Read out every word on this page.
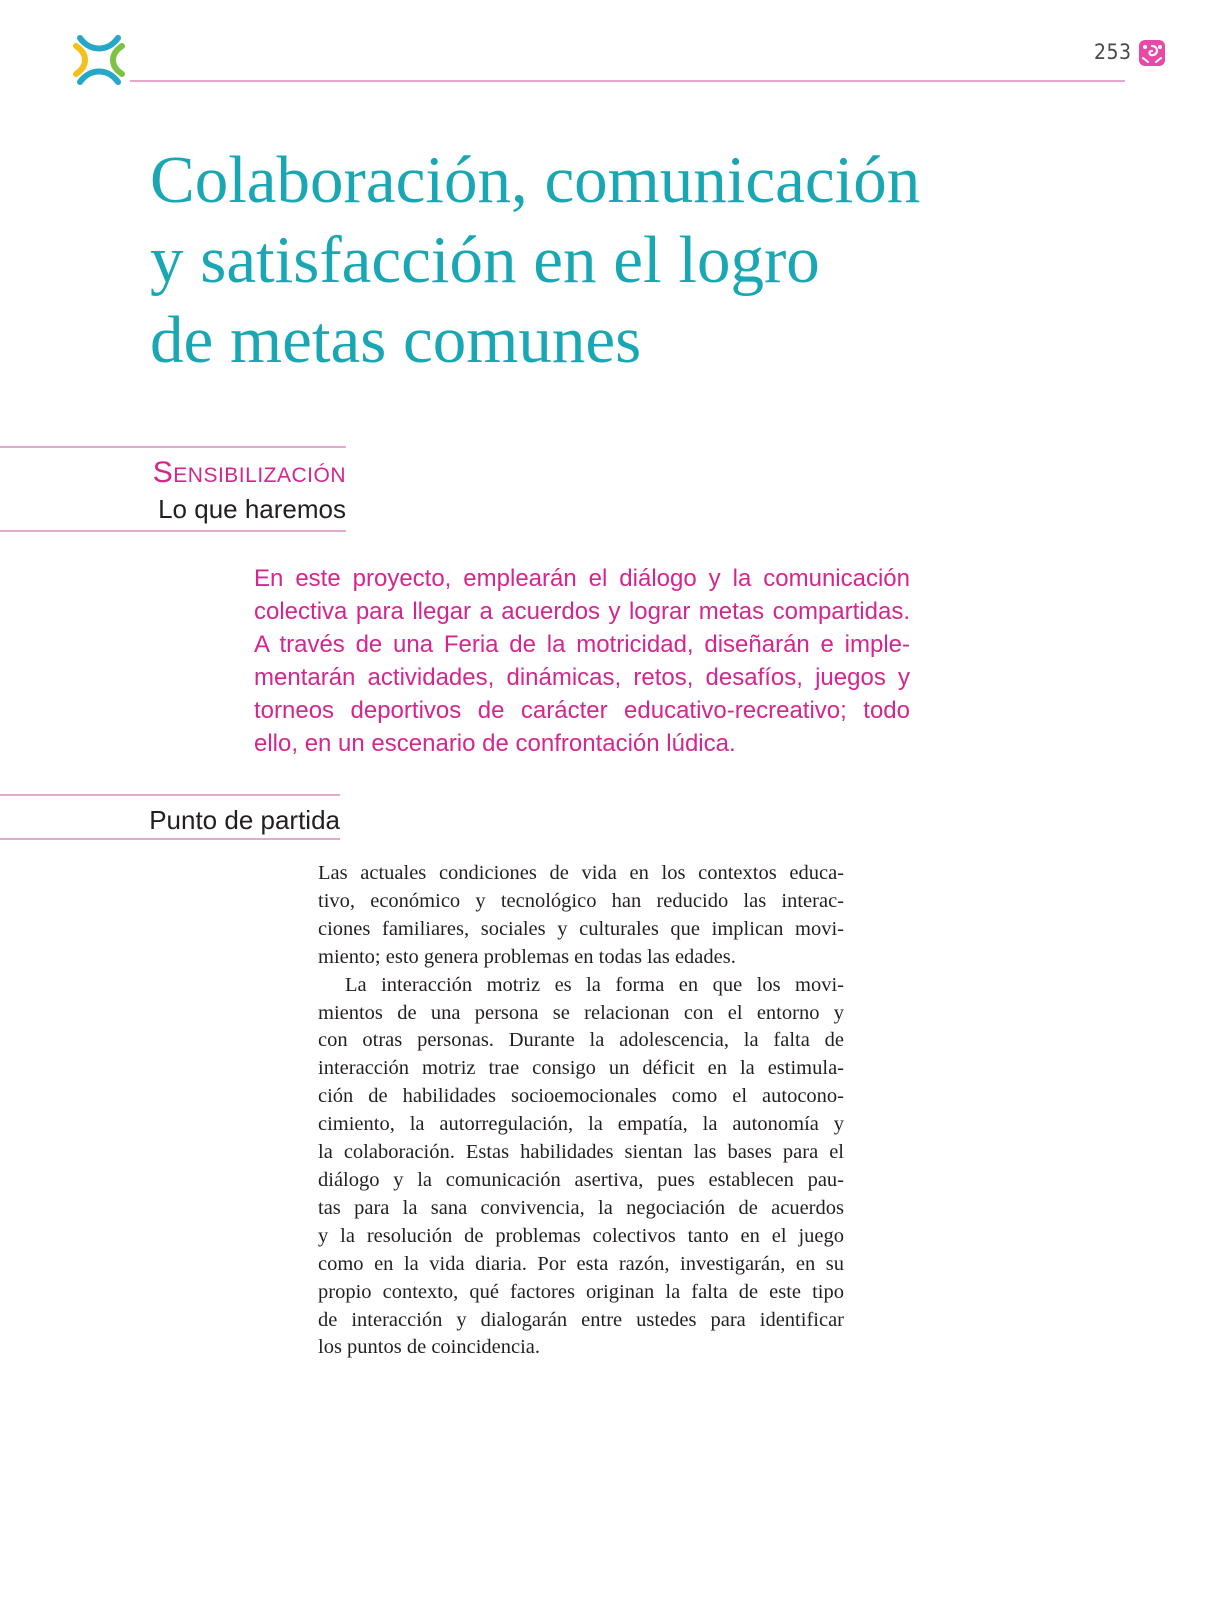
253
Colaboración, comunicación
y satisfacción en el logro
de metas comunes
Sensibilización
Lo que haremos
En este proyecto, emplearán el diálogo y la comunicación
colectiva para llegar a acuerdos y lograr metas compartidas.
A través de una Feria de la motricidad, diseñarán e imple-
mentarán actividades, dinámicas, retos, desafíos, juegos y
torneos deportivos de carácter educativo-recreativo; todo
ello, en un escenario de confrontación lúdica.
Punto de partida
Las actuales condiciones de vida en los contextos educa-
tivo, económico y tecnológico han reducido las interac-
ciones familiares, sociales y culturales que implican movi-
miento; esto genera problemas en todas las edades.
La interacción motriz es la forma en que los movi-
mientos de una persona se relacionan con el entorno y
con otras personas. Durante la adolescencia, la falta de
interacción motriz trae consigo un déficit en la estimula-
ción de habilidades socioemocionales como el autocono-
cimiento, la autorregulación, la empatía, la autonomía y
la colaboración. Estas habilidades sientan las bases para el
diálogo y la comunicación asertiva, pues establecen pau-
tas para la sana convivencia, la negociación de acuerdos
y la resolución de problemas colectivos tanto en el juego
como en la vida diaria. Por esta razón, investigarán, en su
propio contexto, qué factores originan la falta de este tipo
de interacción y dialogarán entre ustedes para identificar
los puntos de coincidencia.
